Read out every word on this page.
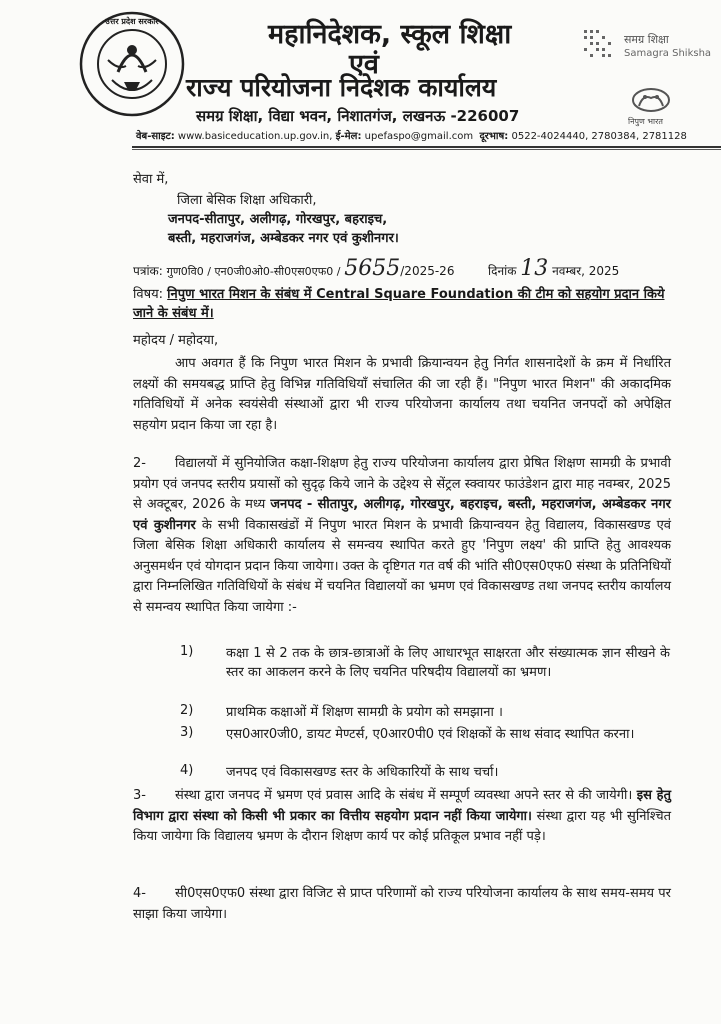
उत्तर प्रदेश सरकार	महानिदेशक, स्कूल शिक्षा
एवं
राज्य परियोजना निदेशक कार्यालय
समग्र शिक्षा, विद्या भवन, निशातगंज, लखनऊ -226007
समग्र शिक्षा
Samagra Shiksha
निपुण भारत
वेब-साइट: www.basiceducation.up.gov.in, ई-मेल: upefaspo@gmail.com दूरभाष: 0522-4024440, 2780384, 2781128
सेवा में,
जिला बेसिक शिक्षा अधिकारी,
जनपद-सीतापुर, अलीगढ़, गोरखपुर, बहराइच,
बस्ती, महराजगंज, अम्बेडकर नगर एवं कुशीनगर।
पत्रांक: गुण0वि0 / एन0जी0ओ0-सी0एस0एफ0 / 5655/2025-26	दिनांक 13 नवम्बर, 2025
विषय: निपुण भारत मिशन के संबंध में Central Square Foundation की टीम को सहयोग प्रदान किये जाने के संबंध में।
महोदय / महोदया,
आप अवगत हैं कि निपुण भारत मिशन के प्रभावी क्रियान्वयन हेतु निर्गत शासनादेशों के क्रम में निर्धारित लक्ष्यों की समयबद्ध प्राप्ति हेतु विभिन्न गतिविधियाँ संचालित की जा रही हैं। "निपुण भारत मिशन" की अकादमिक गतिविधियों में अनेक स्वयंसेवी संस्थाओं द्वारा भी राज्य परियोजना कार्यालय तथा चयनित जनपदों को अपेक्षित सहयोग प्रदान किया जा रहा है।
2- विद्यालयों में सुनियोजित कक्षा-शिक्षण हेतु राज्य परियोजना कार्यालय द्वारा प्रेषित शिक्षण सामग्री के प्रभावी प्रयोग एवं जनपद स्तरीय प्रयासों को सुदृढ़ किये जाने के उद्देश्य से सेंट्रल स्क्वायर फाउंडेशन द्वारा माह नवम्बर, 2025 से अक्टूबर, 2026 के मध्य जनपद - सीतापुर, अलीगढ़, गोरखपुर, बहराइच, बस्ती, महराजगंज, अम्बेडकर नगर एवं कुशीनगर के सभी विकासखंडों में निपुण भारत मिशन के प्रभावी क्रियान्वयन हेतु विद्यालय, विकासखण्ड एवं जिला बेसिक शिक्षा अधिकारी कार्यालय से समन्वय स्थापित करते हुए 'निपुण लक्ष्य' की प्राप्ति हेतु आवश्यक अनुसमर्थन एवं योगदान प्रदान किया जायेगा। उक्त के दृष्टिगत गत वर्ष की भांति सी0एस0एफ0 संस्था के प्रतिनिधियों द्वारा निम्नलिखित गतिविधियों के संबंध में चयनित विद्यालयों का भ्रमण एवं विकासखण्ड तथा जनपद स्तरीय कार्यालय से समन्वय स्थापित किया जायेगा :-
1)	कक्षा 1 से 2 तक के छात्र-छात्राओं के लिए आधारभूत साक्षरता और संख्यात्मक ज्ञान सीखने के स्तर का आकलन करने के लिए चयनित परिषदीय विद्यालयों का भ्रमण।
2)	प्राथमिक कक्षाओं में शिक्षण सामग्री के प्रयोग को समझाना ।
3)	एस0आर0जी0, डायट मेण्टर्स, ए0आर0पी0 एवं शिक्षकों के साथ संवाद स्थापित करना।
4)	जनपद एवं विकासखण्ड स्तर के अधिकारियों के साथ चर्चा।
3- संस्था द्वारा जनपद में भ्रमण एवं प्रवास आदि के संबंध में सम्पूर्ण व्यवस्था अपने स्तर से की जायेगी। इस हेतु विभाग द्वारा संस्था को किसी भी प्रकार का वित्तीय सहयोग प्रदान नहीं किया जायेगा। संस्था द्वारा यह भी सुनिश्चित किया जायेगा कि विद्यालय भ्रमण के दौरान शिक्षण कार्य पर कोई प्रतिकूल प्रभाव नहीं पड़े।
4- सी0एस0एफ0 संस्था द्वारा विजिट से प्राप्त परिणामों को राज्य परियोजना कार्यालय के साथ समय-समय पर साझा किया जायेगा।
